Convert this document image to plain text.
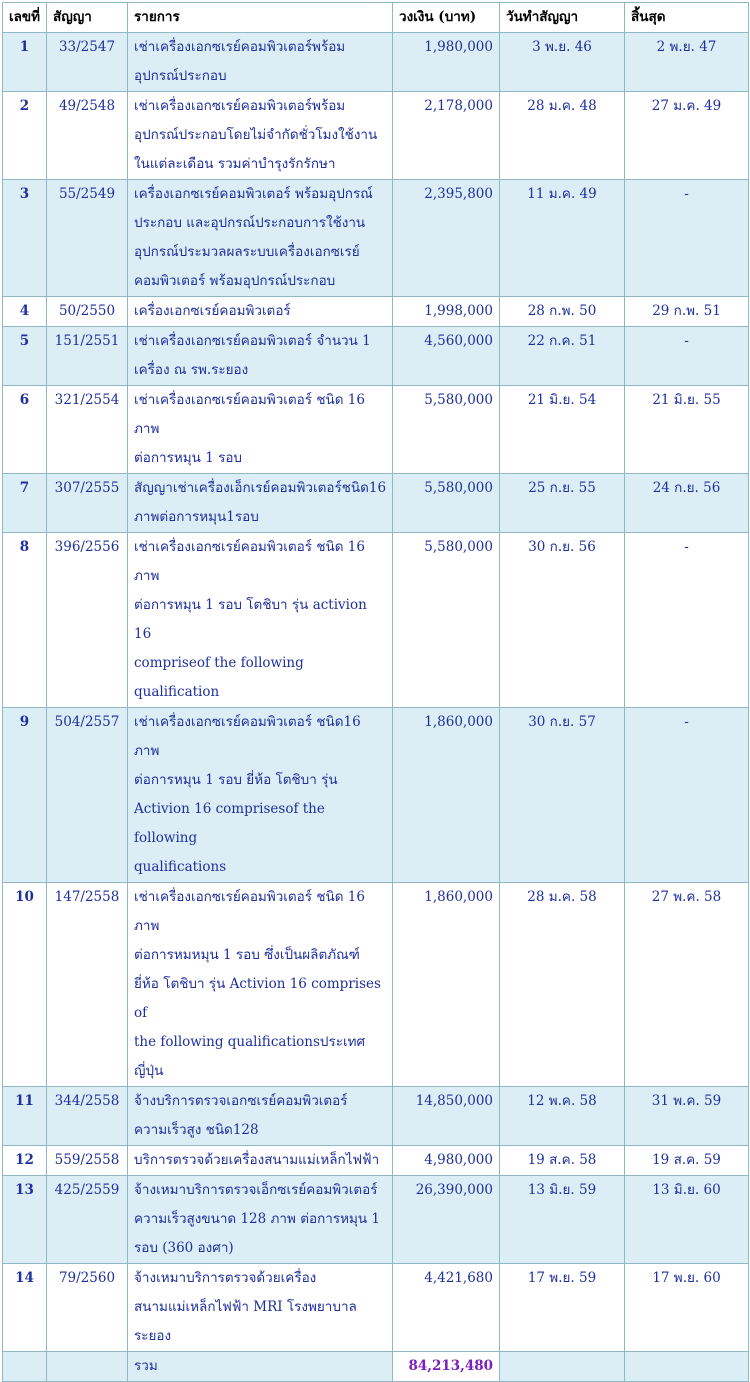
เลขที่	สัญญา	รายการ	วงเงิน (บาท)	วันทำสัญญา	สิ้นสุด
1	33/2547	เช่าเครื่องเอกซเรย์คอมพิวเตอร์พร้อม
อุปกรณ์ประกอบ	1,980,000	3 พ.ย. 46	2 พ.ย. 47
2	49/2548	เช่าเครื่องเอกซเรย์คอมพิวเตอร์พร้อม
อุปกรณ์ประกอบโดยไม่จำกัดชั่วโมงใช้งาน
ในแต่ละเดือน รวมค่าบำรุงรักรักษา	2,178,000	28 ม.ค. 48	27 ม.ค. 49
3	55/2549	เครื่องเอกซเรย์คอมพิวเตอร์ พร้อมอุปกรณ์
ประกอบ และอุปกรณ์ประกอบการใช้งาน
อุปกรณ์ประมวลผลระบบเครื่องเอกซเรย์
คอมพิวเตอร์ พร้อมอุปกรณ์ประกอบ	2,395,800	11 ม.ค. 49	-
4	50/2550	เครื่องเอกซเรย์คอมพิวเตอร์	1,998,000	28 ก.พ. 50	29 ก.พ. 51
5	151/2551	เช่าเครื่องเอกซเรย์คอมพิวเตอร์ จำนวน 1
เครื่อง ณ รพ.ระยอง	4,560,000	22 ก.ค. 51	-
6	321/2554	เช่าเครื่องเอกซเรย์คอมพิวเตอร์ ชนิด 16 ภาพ
ต่อการหมุน 1 รอบ	5,580,000	21 มิ.ย. 54	21 มิ.ย. 55
7	307/2555	สัญญาเช่าเครื่องเอ็กเรย์คอมพิวเตอร์ชนิด16
ภาพต่อการหมุน1รอบ	5,580,000	25 ก.ย. 55	24 ก.ย. 56
8	396/2556	เช่าเครื่องเอกซเรย์คอมพิวเตอร์ ชนิด 16 ภาพ
ต่อการหมุน 1 รอบ โตชิบา รุ่น activion 16
compriseof the following qualification	5,580,000	30 ก.ย. 56	-
9	504/2557	เช่าเครื่องเอกซเรย์คอมพิวเตอร์ ชนิด16 ภาพ
ต่อการหมุน 1 รอบ ยี่ห้อ โตชิบา รุ่น
Activion 16 comprisesof the following
qualifications	1,860,000	30 ก.ย. 57	-
10	147/2558	เช่าเครื่องเอกซเรย์คอมพิวเตอร์ ชนิด 16 ภาพ
ต่อการหมหมุน 1 รอบ ซึ่งเป็นผลิตภัณฑ์
ยี่ห้อ โตชิบา รุ่น Activion 16 comprises of
the following qualificationsประเทศญี่ปุ่น	1,860,000	28 ม.ค. 58	27 พ.ค. 58
11	344/2558	จ้างบริการตรวจเอกซเรย์คอมพิวเตอร์
ความเร็วสูง ชนิด128	14,850,000	12 พ.ค. 58	31 พ.ค. 59
12	559/2558	บริการตรวจด้วยเครื่องสนามแม่เหล็กไฟฟ้า	4,980,000	19 ส.ค. 58	19 ส.ค. 59
13	425/2559	จ้างเหมาบริการตรวจเอ็กซเรย์คอมพิวเตอร์
ความเร็วสูงขนาด 128 ภาพ ต่อการหมุน 1
รอบ (360 องศา)	26,390,000	13 มิ.ย. 59	13 มิ.ย. 60
14	79/2560	จ้างเหมาบริการตรวจด้วยเครื่อง
สนามแม่เหล็กไฟฟ้า MRI โรงพยาบาล
ระยอง	4,421,680	17 พ.ย. 59	17 พ.ย. 60
		รวม	84,213,480		
